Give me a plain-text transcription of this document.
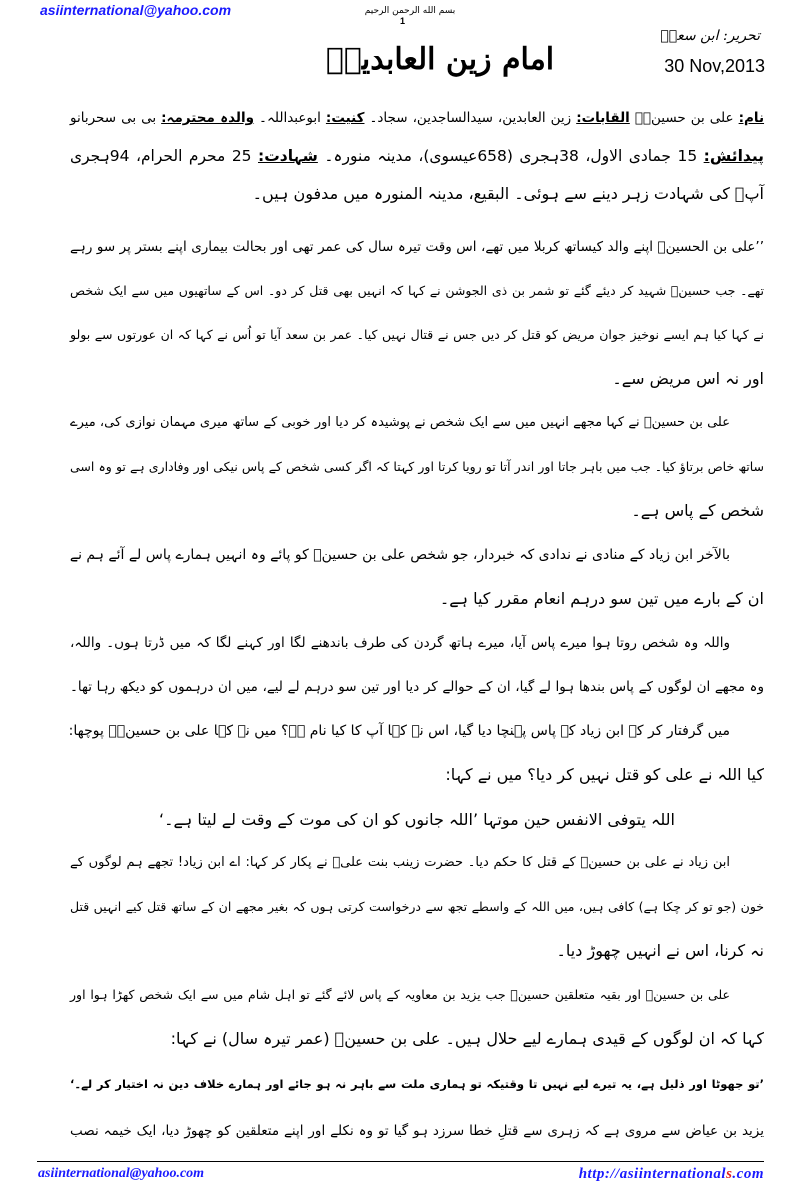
asiinternational@yahoo.com	بسم الله الرحمن الرحیم
1
تحریر: ابن سعدؒ
30 Nov,2013
امام زین العابدینؑ
نام: علی بن حسینؑ۔ القابات: زین العابدین، سیدالساجدین، سجاد۔ کنیت: ابوعبداللہ۔ والدہ محترمہ: بی بی سحربانو
پیدائش: 15 جمادی الاول، 38ہجری (658عیسوی)، مدینہ منورہ۔ شہادت: 25 محرم الحرام، 94ہجری
آپؑ کی شہادت زہر دینے سے ہوئی۔ البقیع، مدینہ المنورہ میں مدفون ہیں۔
’’علی بن الحسینؑ اپنے والد کیساتھ کربلا میں تھے، اس وقت تیرہ سال کی عمر تھی اور بحالت بیماری اپنے بستر پر سو رہے
تھے۔ جب حسینؑ شہید کر دیئے گئے تو شمر بن ذی الجوشن نے کہا کہ انہیں بھی قتل کر دو۔ اس کے ساتھیوں میں سے ایک شخص
نے کہا کیا ہم ایسے نوخیز جوان مریض کو قتل کر دیں جس نے قتال نہیں کیا۔ عمر بن سعد آیا تو اُس نے کہا کہ ان عورتوں سے بولو
اور نہ اس مریض سے۔
علی بن حسینؑ نے کہا مجھے انہیں میں سے ایک شخص نے پوشیدہ کر دیا اور خوبی کے ساتھ میری مہمان نوازی کی، میرے
ساتھ خاص برتاؤ کیا۔ جب میں باہر جاتا اور اندر آتا تو رویا کرتا اور کہتا کہ اگر کسی شخص کے پاس نیکی اور وفاداری ہے تو وہ اسی
شخص کے پاس ہے۔
بالآخر ابن زیاد کے منادی نے ندادی کہ خبردار، جو شخص علی بن حسینؑ کو پائے وہ انہیں ہمارے پاس لے آئے ہم نے
ان کے بارے میں تین سو درہم انعام مقرر کیا ہے۔
واللہ وہ شخص روتا ہوا میرے پاس آیا، میرے ہاتھ گردن کی طرف باندھنے لگا اور کہنے لگا کہ میں ڈرتا ہوں۔ واللہ،
وہ مجھے ان لوگوں کے پاس بندھا ہوا لے گیا، ان کے حوالے کر دیا اور تین سو درہم لے لیے، میں ان درہموں کو دیکھ رہا تھا۔
میں گرفتار کر کے ابن زیاد کے پاس پہنچا دیا گیا، اس نے کہا آپ کا کیا نام ہے؟ میں نے کہا علی بن حسینؑ۔ پوچھا:
کیا اللہ نے علی کو قتل نہیں کر دیا؟ میں نے کہا:
اللہ یتوفی الانفس حین موتہا ’اللہ جانوں کو ان کی موت کے وقت لے لیتا ہے۔‘
ابن زیاد نے علی بن حسینؑ کے قتل کا حکم دیا۔ حضرت زینب بنت علیؑ نے پکار کر کہا: اے ابن زیاد! تجھے ہم لوگوں کے
خون (جو تو کر چکا ہے) کافی ہیں، میں اللہ کے واسطے تجھ سے درخواست کرتی ہوں کہ بغیر مجھے ان کے ساتھ قتل کیے انہیں قتل
نہ کرنا، اس نے انہیں چھوڑ دیا۔
علی بن حسینؑ اور بقیہ متعلقین حسینؑ جب یزید بن معاویہ کے پاس لائے گئے تو اہل شام میں سے ایک شخص کھڑا ہوا اور
کہا کہ ان لوگوں کے قیدی ہمارے لیے حلال ہیں۔ علی بن حسینؑ (عمر تیرہ سال) نے کہا:
’تو جھوٹا اور ذلیل ہے، یہ تیرے لیے نہیں تا وقتیکہ تو ہماری ملت سے باہر نہ ہو جائے اور ہمارے خلاف دین نہ اختیار کر لے۔‘
یزید بن عیاض سے مروی ہے کہ زہری سے قتلِ خطا سرزد ہو گیا تو وہ نکلے اور اپنے متعلقین کو چھوڑ دیا، ایک خیمہ نصب
asiinternational@yahoo.com	http://asiinternationals.com
